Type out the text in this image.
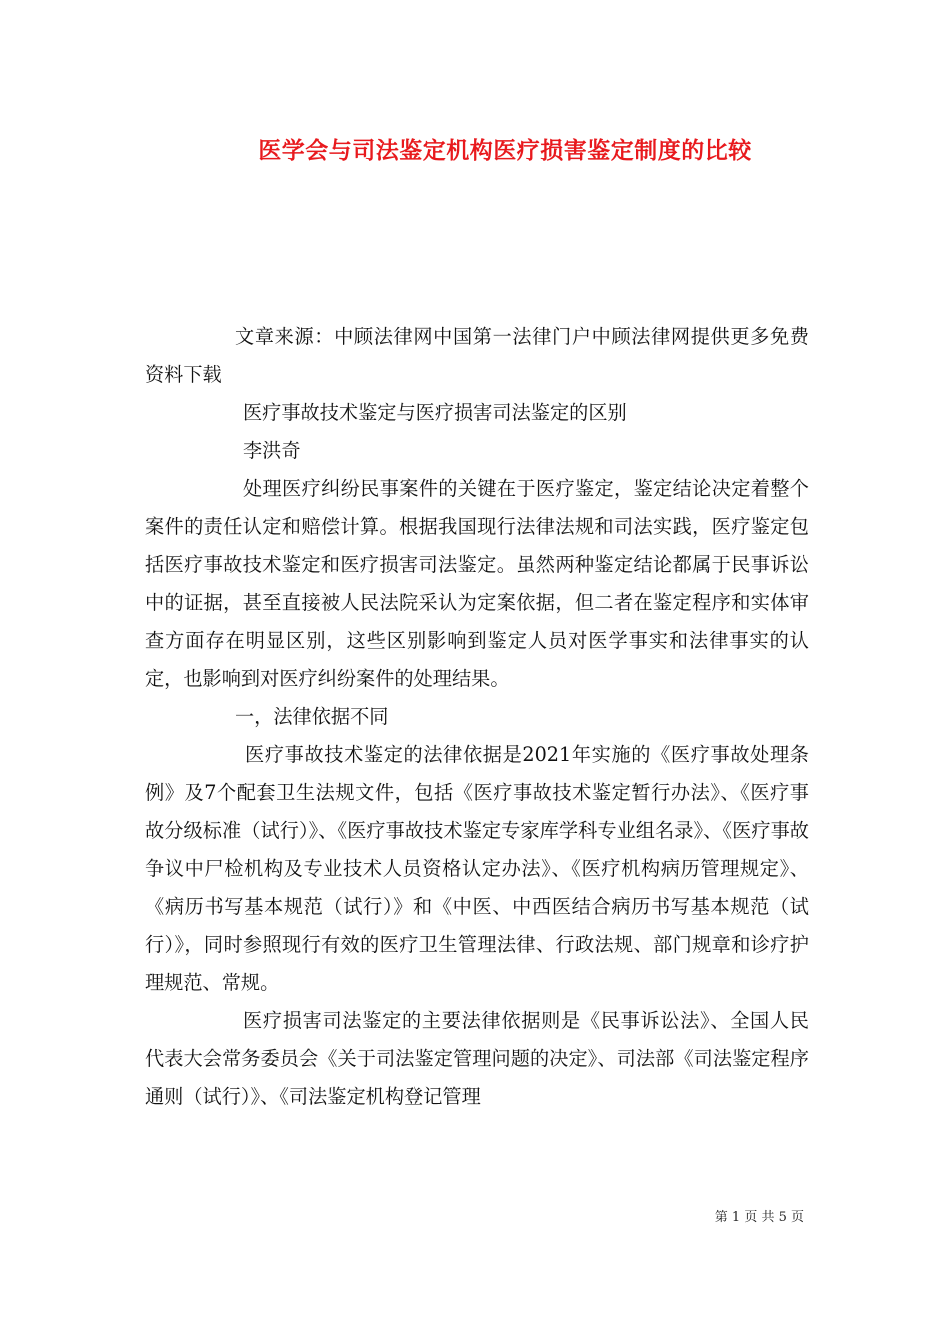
医学会与司法鉴定机构医疗损害鉴定制度的比较

文章来源：中顾法律网中国第一法律门户中顾法律网提供更多免费资料下载

医疗事故技术鉴定与医疗损害司法鉴定的区别

李洪奇

处理医疗纠纷民事案件的关键在于医疗鉴定，鉴定结论决定着整个案件的责任认定和赔偿计算。根据我国现行法律法规和司法实践，医疗鉴定包括医疗事故技术鉴定和医疗损害司法鉴定。虽然两种鉴定结论都属于民事诉讼中的证据，甚至直接被人民法院采认为定案依据，但二者在鉴定程序和实体审查方面存在明显区别，这些区别影响到鉴定人员对医学事实和法律事实的认定，也影响到对医疗纠纷案件的处理结果。

一，法律依据不同

医疗事故技术鉴定的法律依据是2021年实施的《医疗事故处理条例》及7个配套卫生法规文件，包括《医疗事故技术鉴定暂行办法》、《医疗事故分级标准（试行）》、《医疗事故技术鉴定专家库学科专业组名录》、《医疗事故争议中尸检机构及专业技术人员资格认定办法》、《医疗机构病历管理规定》、《病历书写基本规范（试行）》和《中医、中西医结合病历书写基本规范（试行）》，同时参照现行有效的医疗卫生管理法律、行政法规、部门规章和诊疗护理规范、常规。

医疗损害司法鉴定的主要法律依据则是《民事诉讼法》、全国人民代表大会常务委员会《关于司法鉴定管理问题的决定》、司法部《司法鉴定程序通则（试行）》、《司法鉴定机构登记管理

第 1 页 共 5 页
